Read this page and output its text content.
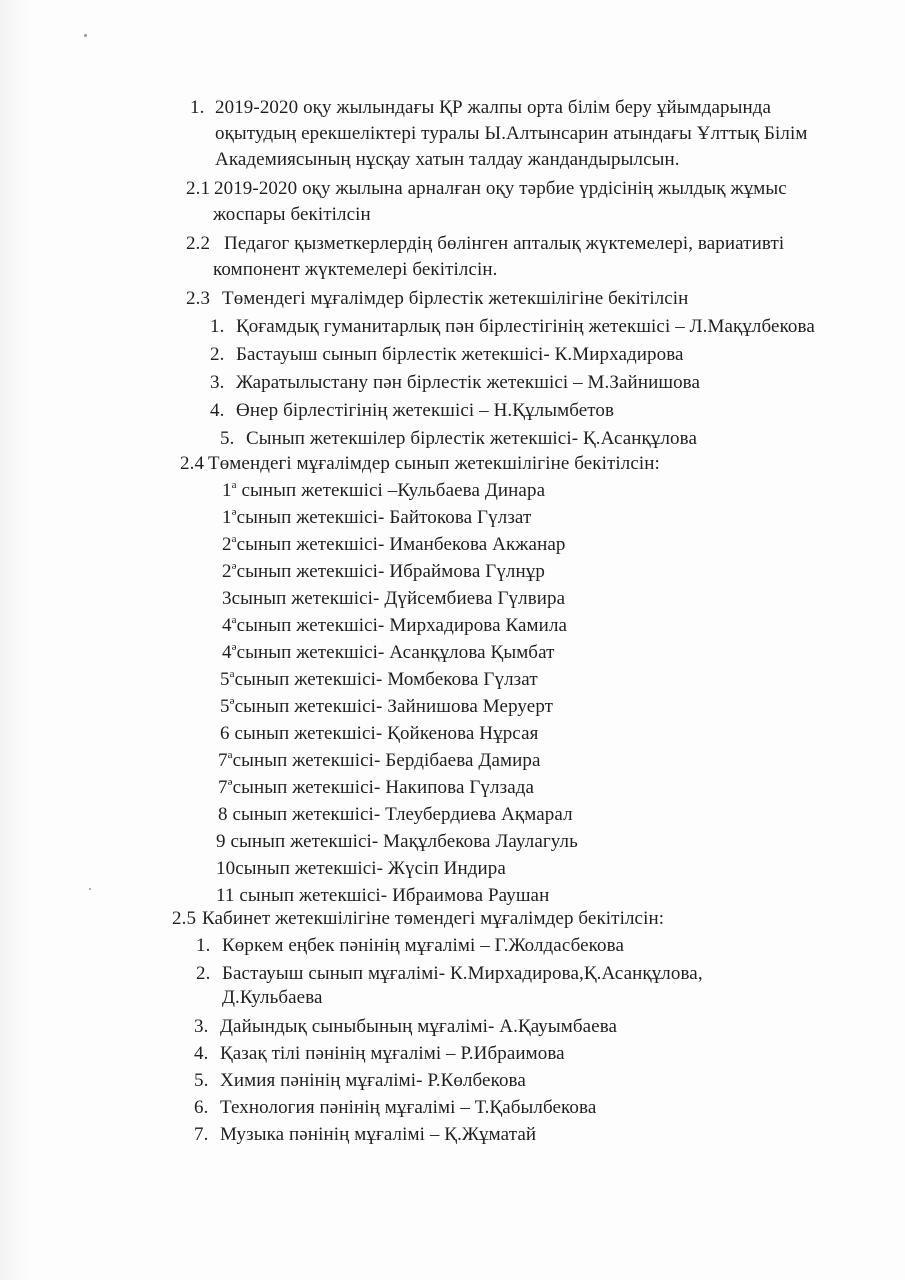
1. 2019-2020 оқу жылындағы ҚР жалпы орта білім беру ұйымдарында
оқытудың ерекшеліктері туралы Ы.Алтынсарин атындағы Ұлттық Білім
Академиясының нұсқау хатын талдау жандандырылсын.
2.1 2019-2020 оқу жылына арналған оқу тәрбие үрдісінің жылдық жұмыс
жоспары бекітілсін
2.2 Педагог қызметкерлердің бөлінген апталық жүктемелері, вариативті
компонент жүктемелері бекітілсін.
2.3 Төмендегі мұғалімдер бірлестік жетекшілігіне бекітілсін
1. Қоғамдық гуманитарлық пән бірлестігінің жетекшісі – Л.Мақұлбекова
2. Бастауыш сынып бірлестік жетекшісі- К.Мирхадирова
3. Жаратылыстану пән бірлестік жетекшісі – М.Зайнишова
4. Өнер бірлестігінің жетекшісі – Н.Құлымбетов
5. Сынып жетекшілер бірлестік жетекшісі- Қ.Асанқұлова
2.4 Төмендегі мұғалімдер сынып жетекшілігіне бекітілсін:
$1^а$ сынып жетекшісі –Кульбаева Динара
$1^әсынып$ жетекшісі- Байтокова Гүлзат
$2^асынып$ жетекшісі- Иманбекова Акжанар
$2^әсынып$ жетекшісі- Ибраймова Гүлнұр
3сынып жетекшісі- Дүйсембиева Гүлвира
$4^асынып$ жетекшісі- Мирхадирова Камила
$4^әсынып$ жетекшісі- Асанқұлова Қымбат
$5^асынып$ жетекшісі- Момбекова Гүлзат
$5^әсынып$ жетекшісі- Зайнишова Меруерт
6 сынып жетекшісі- Қойкенова Нұрсая
$7^асынып$ жетекшісі- Бердібаева Дамира
$7^әсынып$ жетекшісі- Накипова Гүлзада
8 сынып жетекшісі- Тлеубердиева Ақмарал
9 сынып жетекшісі- Мақұлбекова Лаулагуль
10сынып жетекшісі- Жүсіп Индира
11 сынып жетекшісі- Ибраимова Раушан
2.5 Кабинет жетекшілігіне төмендегі мұғалімдер бекітілсін:
1. Көркем еңбек пәнінің мұғалімі – Г.Жолдасбекова
2. Бастауыш сынып мұғалімі- К.Мирхадирова,Қ.Асанқұлова,
Д.Кульбаева
3. Дайындық сыныбының мұғалімі- А.Қауымбаева
4. Қазақ тілі пәнінің мұғалімі – Р.Ибраимова
5. Химия пәнінің мұғалімі- Р.Көлбекова
6. Технология пәнінің мұғалімі – Т.Қабылбекова
7. Музыка пәнінің мұғалімі – Қ.Жұматай
